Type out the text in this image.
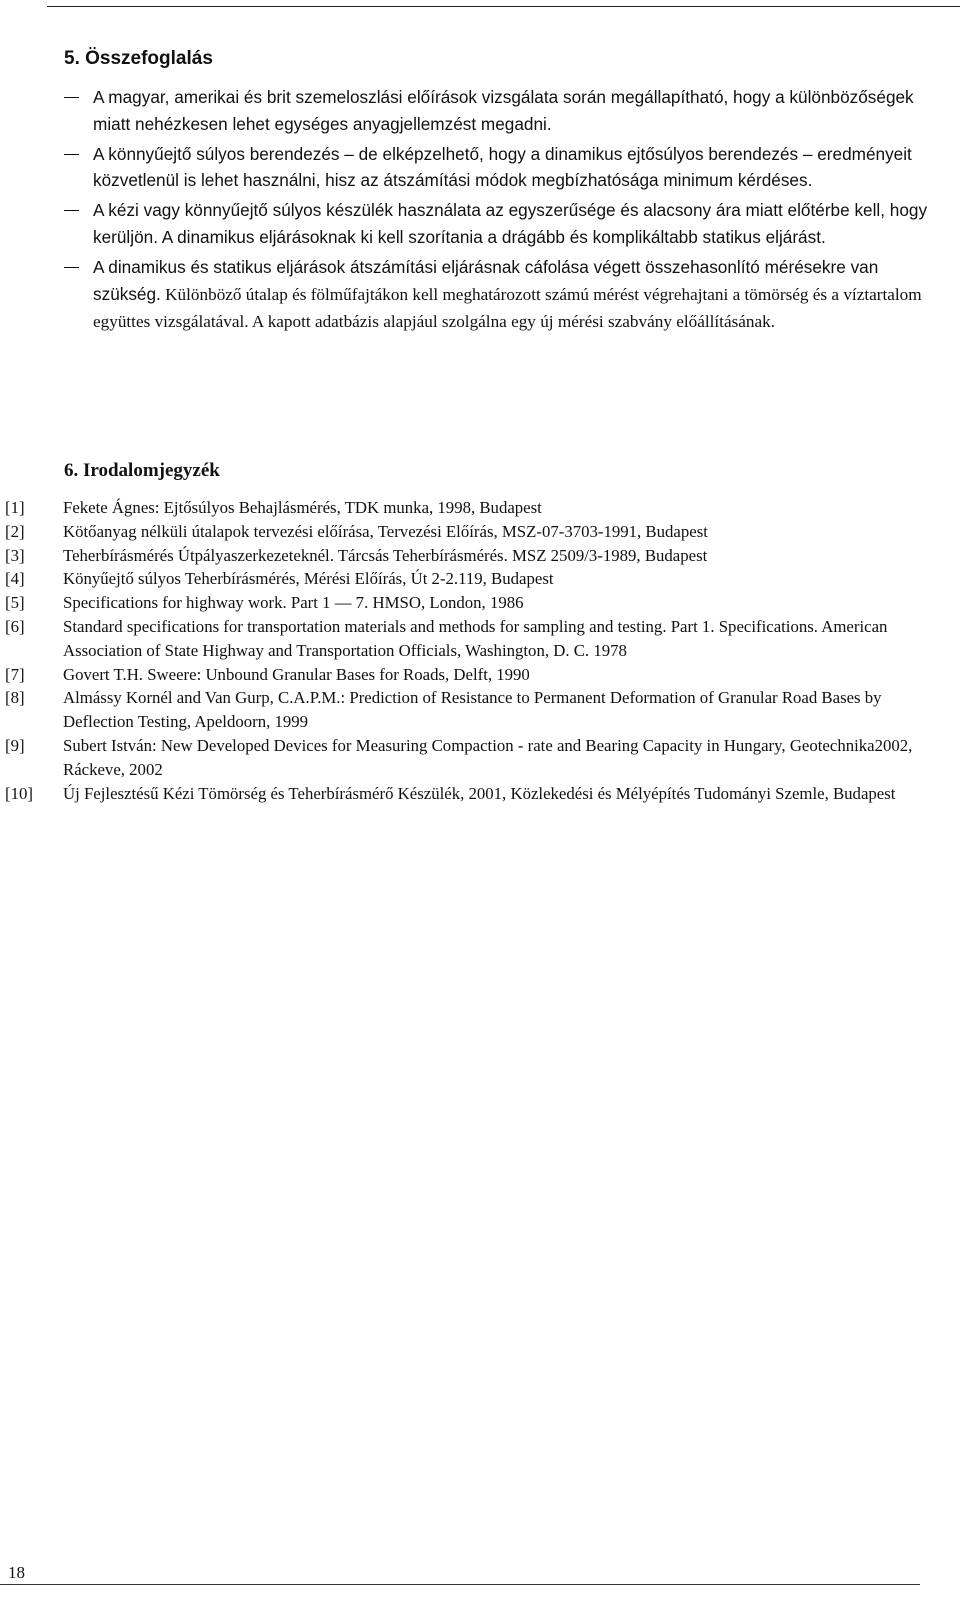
5. Összefoglalás
A magyar, amerikai és brit szemeloszlási előírások vizsgálata során megállapítható, hogy a különbözőségek miatt nehézkesen lehet egységes anyagjellemzést megadni.
A könnyűejtő súlyos berendezés – de elképzelhető, hogy a dinamikus ejtősúlyos berendezés – eredményeit közvetlenül is lehet használni, hisz az átszámítási módok megbízhatósága minimum kérdéses.
A kézi vagy könnyűejtő súlyos készülék használata az egyszerűsége és alacsony ára miatt előtérbe kell, hogy kerüljön. A dinamikus eljárásoknak ki kell szorítania a drágább és komplikáltabb statikus eljárást.
A dinamikus és statikus eljárások átszámítási eljárásnak cáfolása végett összehasonlító mérésekre van szükség. Különböző útalap és fölműfajtákon kell meghatározott számú mérést végrehajtani a tömörség és a víztartalom együttes vizsgálatával. A kapott adatbázis alapjául szolgálna egy új mérési szabvány előállításának.
6. Irodalomjegyzék
[1] Fekete Ágnes: Ejtősúlyos Behajlásmérés, TDK munka, 1998, Budapest
[2] Kötőanyag nélküli útalapok tervezési előírása, Tervezési Előírás, MSZ-07-3703-1991, Budapest
[3] Teherbírásmérés Útpályaszerkezeteknél. Tárcsás Teherbírásmérés. MSZ 2509/3-1989, Budapest
[4] Könyűejtő súlyos Teherbírásmérés, Mérési Előírás, Út 2-2.119, Budapest
[5] Specifications for highway work. Part 1 — 7. HMSO, London, 1986
[6] Standard specifications for transportation materials and methods for sampling and testing. Part 1. Specifications. American Association of State Highway and Transportation Officials, Washington, D. C. 1978
[7] Govert T.H. Sweere: Unbound Granular Bases for Roads, Delft, 1990
[8] Almássy Kornél and Van Gurp, C.A.P.M.: Prediction of Resistance to Permanent Deformation of Granular Road Bases by Deflection Testing, Apeldoorn, 1999
[9] Subert István: New Developed Devices for Measuring Compaction - rate and Bearing Capacity in Hungary, Geotechnika2002, Ráckeve, 2002
[10] Új Fejlesztésű Kézi Tömörség és Teherbírásmérő Készülék, 2001, Közlekedési és Mélyépítés Tudományi Szemle, Budapest
18
